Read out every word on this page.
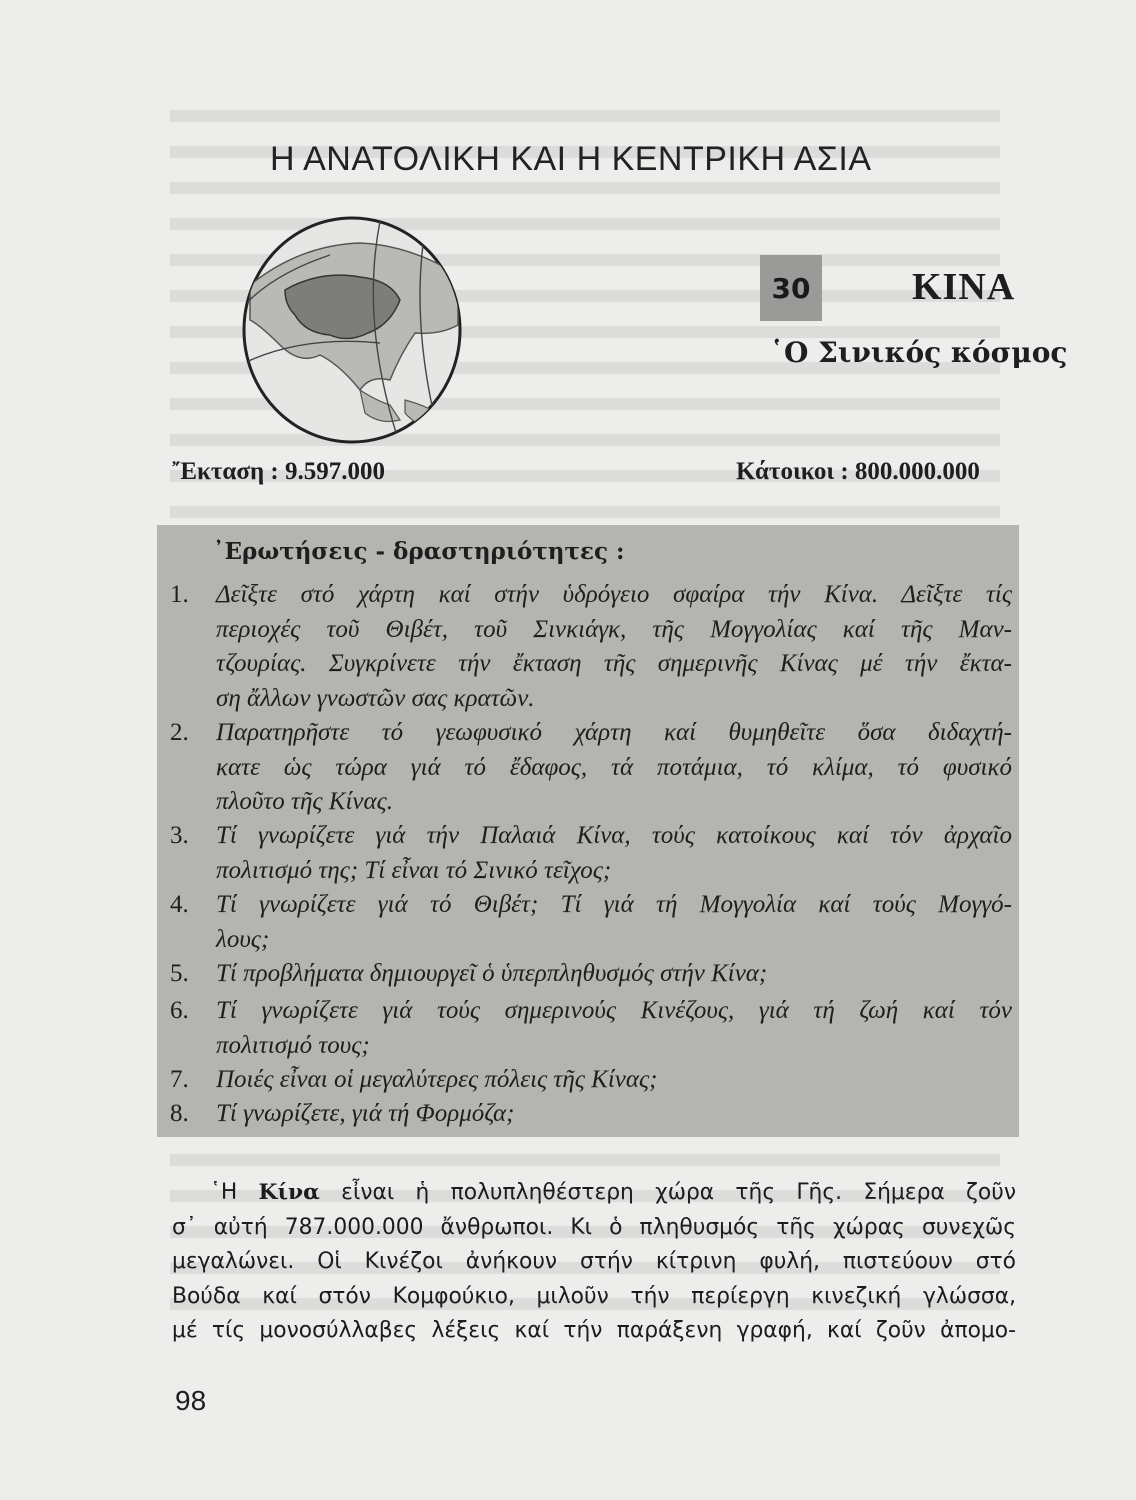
Η ΑΝΑΤΟΛΙΚΗ ΚΑΙ Η ΚΕΝΤΡΙΚΗ ΑΣΙΑ
30	ΚΙΝΑ
῾Ο Σινικός κόσμος
῎Εκταση : 9.597.000	Κάτοικοι : 800.000.000
᾿Ερωτήσεις - δραστηριότητες :
1. Δεῖξτε στό χάρτη καί στήν ὑδρόγειο σφαίρα τήν Κίνα. Δεῖξτε τίς
περιοχές τοῦ Θιβέτ, τοῦ Σινκιάγκ, τῆς Μογγολίας καί τῆς Μαν-
τζουρίας. Συγκρίνετε τήν ἔκταση τῆς σημερινῆς Κίνας μέ τήν ἔκτα-
ση ἄλλων γνωστῶν σας κρατῶν.
2. Παρατηρῆστε τό γεωφυσικό χάρτη καί θυμηθεῖτε ὅσα διδαχτή-
κατε ὡς τώρα γιά τό ἔδαφος, τά ποτάμια, τό κλίμα, τό φυσικό
πλοῦτο τῆς Κίνας.
3. Τί γνωρίζετε γιά τήν Παλαιά Κίνα, τούς κατοίκους καί τόν ἀρχαῖο
πολιτισμό της; Τί εἶναι τό Σινικό τεῖχος;
4. Τί γνωρίζετε γιά τό Θιβέτ; Τί γιά τή Μογγολία καί τούς Μογγό-
λους;
5. Τί προβλήματα δημιουργεῖ ὁ ὑπερπληθυσμός στήν Κίνα;
6. Τί γνωρίζετε γιά τούς σημερινούς Κινέζους, γιά τή ζωή καί τόν
πολιτισμό τους;
7. Ποιές εἶναι οἱ μεγαλύτερες πόλεις τῆς Κίνας;
8. Τί γνωρίζετε, γιά τή Φορμόζα;
῾Η Κίνα εἶναι ἡ πολυπληθέστερη χώρα τῆς Γῆς. Σήμερα ζοῦν
σ᾿ αὐτή 787.000.000 ἄνθρωποι. Κι ὁ πληθυσμός τῆς χώρας συνεχῶς
μεγαλώνει. Οἱ Κινέζοι ἀνήκουν στήν κίτρινη φυλή, πιστεύουν στό
Βούδα καί στόν Κομφούκιο, μιλοῦν τήν περίεργη κινεζική γλώσσα,
μέ τίς μονοσύλλαβες λέξεις καί τήν παράξενη γραφή, καί ζοῦν ἀπομο-
98
